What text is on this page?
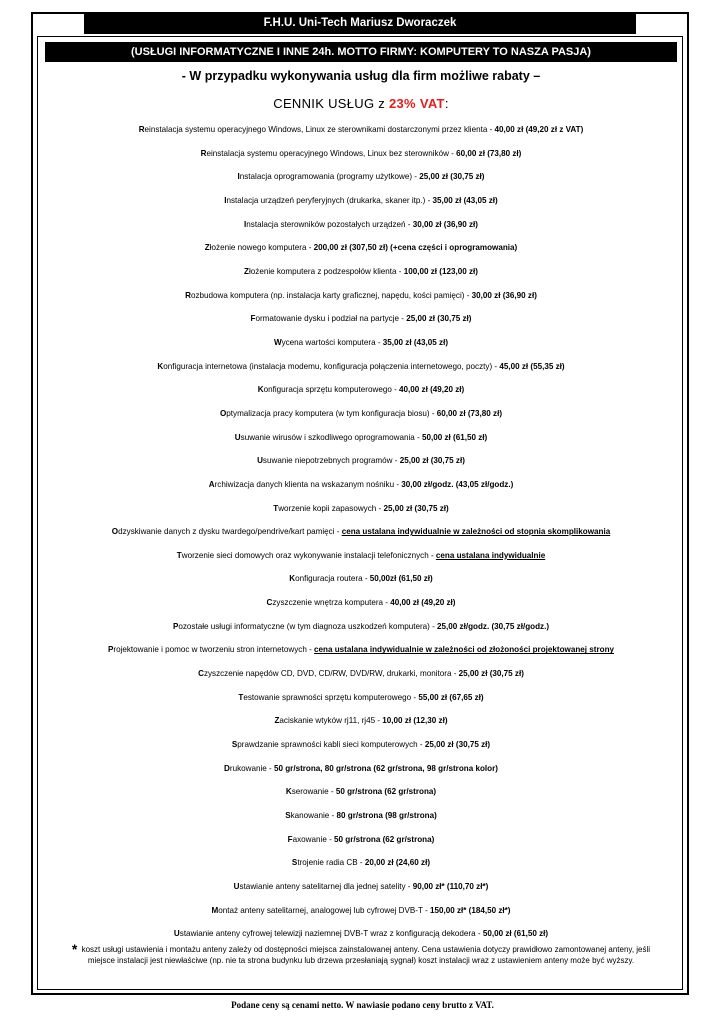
F.H.U. Uni-Tech Mariusz Dworaczek
(USŁUGI INFORMATYCZNE I INNE 24h. MOTTO FIRMY: KOMPUTERY TO NASZA PASJA)
- W przypadku wykonywania usług dla firm możliwe rabaty –
CENNIK USŁUG z 23% VAT:
Reinstalacja systemu operacyjnego Windows, Linux ze sterownikami dostarczonymi przez klienta - 40,00 zł (49,20 zł z VAT)
Reinstalacja systemu operacyjnego Windows, Linux bez sterowników - 60,00 zł (73,80 zł)
Instalacja oprogramowania (programy użytkowe) - 25,00 zł (30,75 zł)
Instalacja urządzeń peryferyjnych (drukarka, skaner itp.) - 35,00 zł (43,05 zł)
Instalacja sterowników pozostałych urządzeń - 30,00 zł (36,90 zł)
Złożenie nowego komputera - 200,00 zł (307,50 zł) (+cena części i oprogramowania)
Złożenie komputera z podzespołów klienta - 100,00 zł (123,00 zł)
Rozbudowa komputera (np. instalacja karty graficznej, napędu, kości pamięci) - 30,00 zł (36,90 zł)
Formatowanie dysku i podział na partycje - 25,00 zł (30,75 zł)
Wycena wartości komputera - 35,00 zł (43,05 zł)
Konfiguracja internetowa (instalacja modemu, konfiguracja połączenia internetowego, poczty) - 45,00 zł (55,35 zł)
Konfiguracja sprzętu komputerowego - 40,00 zł (49,20 zł)
Optymalizacja pracy komputera (w tym konfiguracja biosu) - 60,00 zł (73,80 zł)
Usuwanie wirusów i szkodliwego oprogramowania - 50,00 zł (61,50 zł)
Usuwanie niepotrzebnych programów - 25,00 zł (30,75 zł)
Archiwizacja danych klienta na wskazanym nośniku - 30,00 zł/godz. (43,05 zł/godz.)
Tworzenie kopii zapasowych - 25,00 zł (30,75 zł)
Odzyskiwanie danych z dysku twardego/pendrive/kart pamięci - cena ustalana indywidualnie w zależności od stopnia skomplikowania
Tworzenie sieci domowych oraz wykonywanie instalacji telefonicznych - cena ustalana indywidualnie
Konfiguracja routera - 50,00zł (61,50 zł)
Czyszczenie wnętrza komputera - 40,00 zł (49,20 zł)
Pozostałe usługi informatyczne (w tym diagnoza uszkodzeń komputera) - 25,00 zł/godz. (30,75 zł/godz.)
Projektowanie i pomoc w tworzeniu stron internetowych - cena ustalana indywidualnie w zależności od złożoności projektowanej strony
Czyszczenie napędów CD, DVD, CD/RW, DVD/RW, drukarki, monitora - 25,00 zł (30,75 zł)
Testowanie sprawności sprzętu komputerowego - 55,00 zł (67,65 zł)
Zaciskanie wtyków rj11, rj45 - 10,00 zł (12,30 zł)
Sprawdzanie sprawności kabli sieci komputerowych - 25,00 zł (30,75 zł)
Drukowanie - 50 gr/strona, 80 gr/strona (62 gr/strona, 98 gr/strona kolor)
Kserowanie - 50 gr/strona (62 gr/strona)
Skanowanie - 80 gr/strona (98 gr/strona)
Faxowanie - 50 gr/strona (62 gr/strona)
Strojenie radia CB - 20,00 zł (24,60 zł)
Ustawianie anteny satelitarnej dla jednej satelity - 90,00 zł* (110,70 zł*)
Montaż anteny satelitarnej, analogowej lub cyfrowej DVB-T - 150,00 zł* (184,50 zł*)
Ustawianie anteny cyfrowej telewizji naziemnej DVB-T wraz z konfiguracją dekodera - 50,00 zł (61,50 zł)
* koszt usługi ustawienia i montażu anteny zależy od dostępności miejsca zainstalowanej anteny. Cena ustawienia dotyczy prawidłowo zamontowanej anteny, jeśli miejsce instalacji jest niewłaściwe (np. nie ta strona budynku lub drzewa przesłaniają sygnał) koszt instalacji wraz z ustawieniem anteny może być wyższy.
Podane ceny są cenami netto. W nawiasie podano ceny brutto z VAT.
